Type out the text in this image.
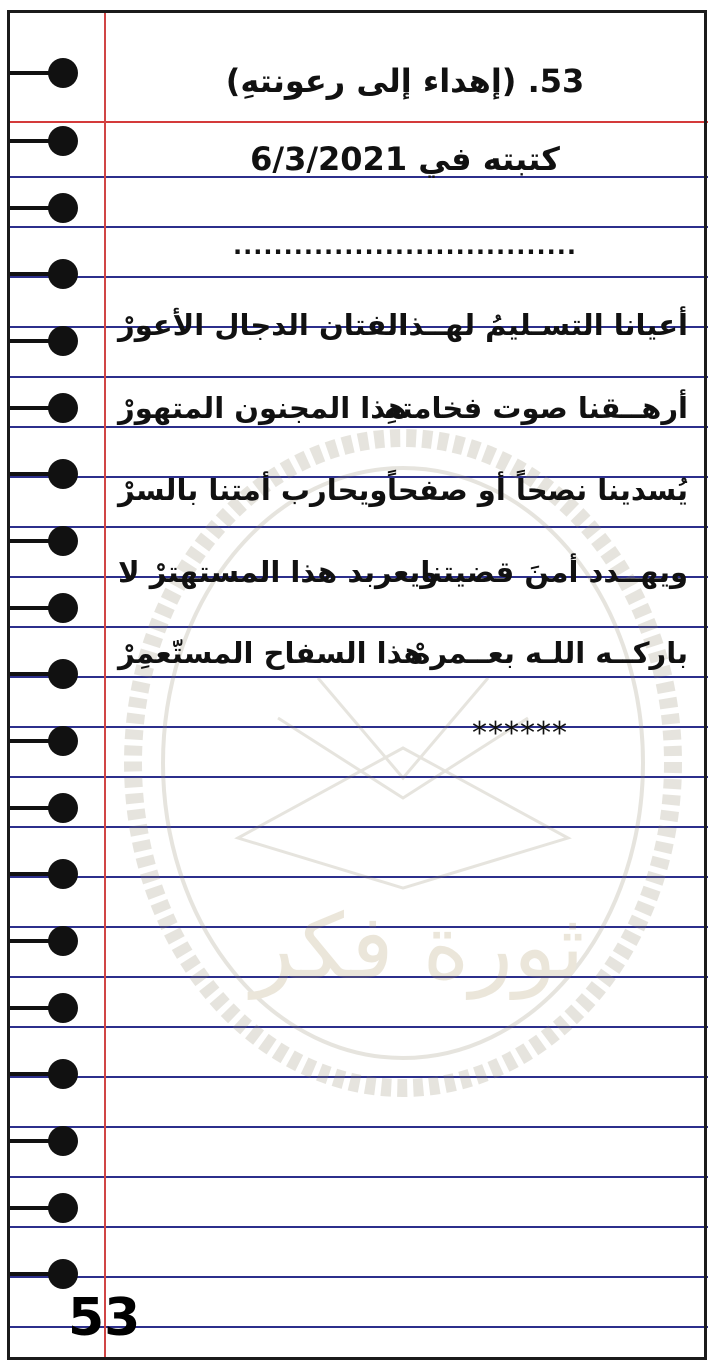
ثورة فكر
53. (إهداء إلى رعونتهِ)
كتبته في 6/3/2021
..................................
أعيانا التسـليمُ لهــذا
الفتان الدجال الأعورْ
أرهــقنا صوت فخامتهِ
هذا المجنون المتهورْ
يُسدينا نصحاً أو صفحاً
ويحارب أمتنا بالسرْ
ويهــدد أمنَ قضيتنا
ويعربد هذا المستهترْ لا
باركــه اللـه بعــمرهْ
هذا السفاح المستّعمِرْ
******
53
